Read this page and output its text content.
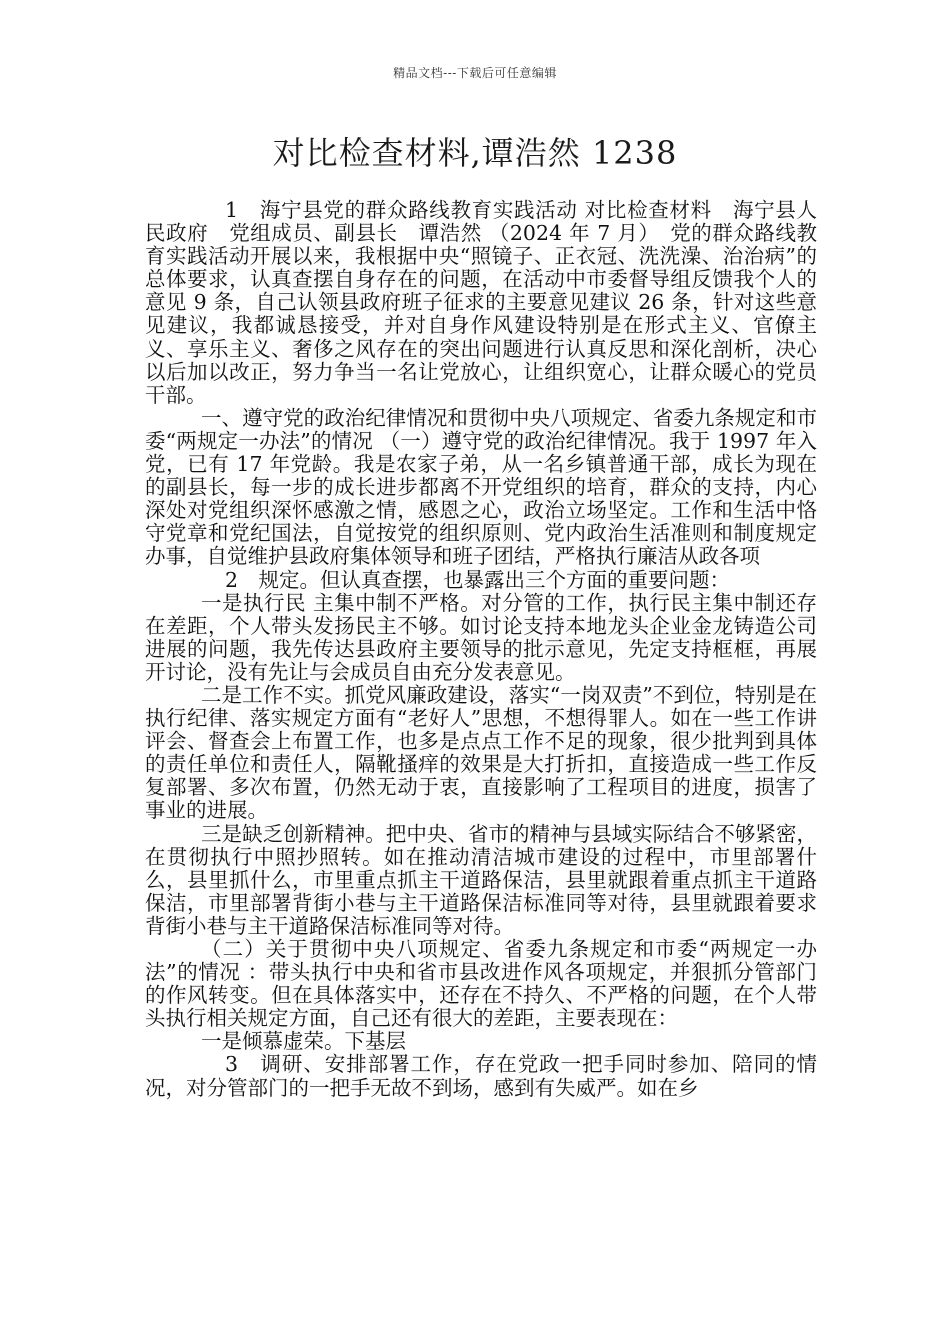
精品文档---下载后可任意编辑
对比检查材料,谭浩然 1238

1　海宁县党的群众路线教育实践活动 对比检查材料　海宁县人民政府　党组成员、副县长　谭浩然 （2024 年 7 月）　党的群众路线教育实践活动开展以来，我根据中央“照镜子、正衣冠、洗洗澡、治治病”的总体要求，认真查摆自身存在的问题，在活动中市委督导组反馈我个人的意见 9 条，自己认领县政府班子征求的主要意见建议 26 条，针对这些意见建议，我都诚恳接受，并对自身作风建设特别是在形式主义、官僚主义、享乐主义、奢侈之风存在的突出问题进行认真反思和深化剖析，决心以后加以改正，努力争当一名让党放心，让组织宽心，让群众暖心的党员干部。

一、遵守党的政治纪律情况和贯彻中央八项规定、省委九条规定和市委“两规定一办法”的情况 （一）遵守党的政治纪律情况。我于 1997 年入党，已有 17 年党龄。我是农家子弟，从一名乡镇普通干部，成长为现在的副县长，每一步的成长进步都离不开党组织的培育，群众的支持，内心深处对党组织深怀感激之情，感恩之心，政治立场坚定。工作和生活中恪守党章和党纪国法，自觉按党的组织原则、党内政治生活准则和制度规定办事，自觉维护县政府集体领导和班子团结，严格执行廉洁从政各项

2　规定。但认真查摆，也暴露出三个方面的重要问题：

一是执行民 主集中制不严格。对分管的工作，执行民主集中制还存在差距，个人带头发扬民主不够。如讨论支持本地龙头企业金龙铸造公司进展的问题，我先传达县政府主要领导的批示意见，先定支持框框，再展开讨论，没有先让与会成员自由充分发表意见。

二是工作不实。抓党风廉政建设，落实“一岗双责”不到位，特别是在执行纪律、落实规定方面有“老好人”思想，不想得罪人。如在一些工作讲评会、督查会上布置工作，也多是点点工作不足的现象，很少批判到具体的责任单位和责任人，隔靴搔痒的效果是大打折扣，直接造成一些工作反复部署、多次布置，仍然无动于衷，直接影响了工程项目的进度，损害了事业的进展。

三是缺乏创新精神。把中央、省市的精神与县域实际结合不够紧密，在贯彻执行中照抄照转。如在推动清洁城市建设的过程中，市里部署什么，县里抓什么，市里重点抓主干道路保洁，县里就跟着重点抓主干道路保洁，市里部署背街小巷与主干道路保洁标准同等对待，县里就跟着要求背街小巷与主干道路保洁标准同等对待。

（二）关于贯彻中央八项规定、省委九条规定和市委“两规定一办法”的情况 ：带头执行中央和省市县改进作风各项规定，并狠抓分管部门的作风转变。但在具体落实中，还存在不持久、不严格的问题，在个人带头执行相关规定方面，自己还有很大的差距，主要表现在：

一是倾慕虚荣。下基层

3　调研、安排部署工作，存在党政一把手同时参加、陪同的情况，对分管部门的一把手无故不到场，感到有失威严。如在乡
